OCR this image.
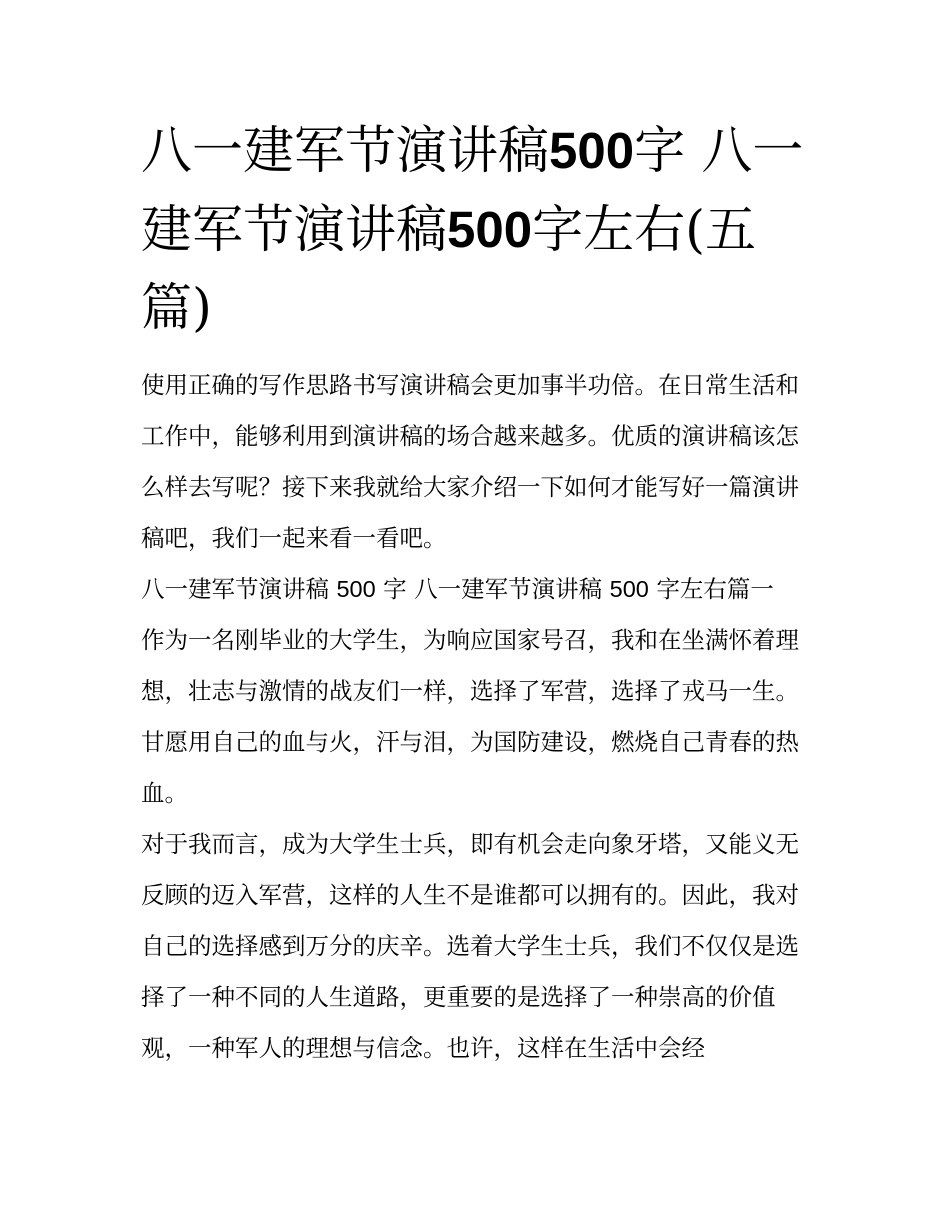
八一建军节演讲稿500字 八一建军节演讲稿500字左右(五篇)

使用正确的写作思路书写演讲稿会更加事半功倍。在日常生活和工作中，能够利用到演讲稿的场合越来越多。优质的演讲稿该怎么样去写呢？接下来我就给大家介绍一下如何才能写好一篇演讲稿吧，我们一起来看一看吧。

八一建军节演讲稿 500 字 八一建军节演讲稿 500 字左右篇一

作为一名刚毕业的大学生，为响应国家号召，我和在坐满怀着理想，壮志与激情的战友们一样，选择了军营，选择了戎马一生。

甘愿用自己的血与火，汗与泪，为国防建设，燃烧自己青春的热血。

对于我而言，成为大学生士兵，即有机会走向象牙塔，又能义无反顾的迈入军营，这样的人生不是谁都可以拥有的。因此，我对自己的选择感到万分的庆辛。选着大学生士兵，我们不仅仅是选择了一种不同的人生道路，更重要的是选择了一种崇高的价值观，一种军人的理想与信念。也许，这样在生活中会经
